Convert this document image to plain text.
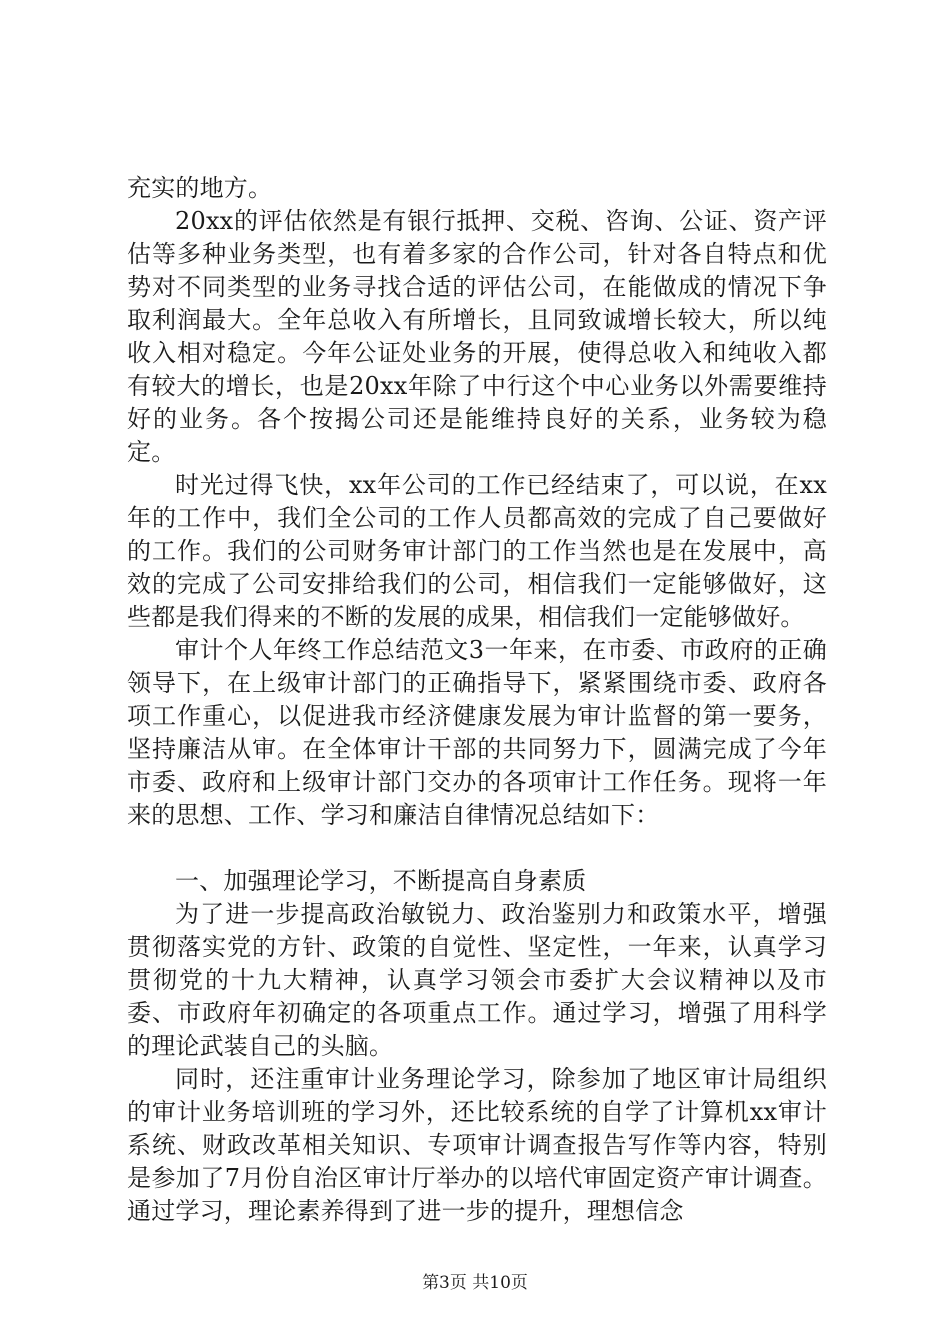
充实的地方。

20xx的评估依然是有银行抵押、交税、咨询、公证、资产评估等多种业务类型，也有着多家的合作公司，针对各自特点和优势对不同类型的业务寻找合适的评估公司，在能做成的情况下争取利润最大。全年总收入有所增长，且同致诚增长较大，所以纯收入相对稳定。今年公证处业务的开展，使得总收入和纯收入都有较大的增长，也是20xx年除了中行这个中心业务以外需要维持好的业务。各个按揭公司还是能维持良好的关系，业务较为稳定。

时光过得飞快，xx年公司的工作已经结束了，可以说，在xx年的工作中，我们全公司的工作人员都高效的完成了自己要做好的工作。我们的公司财务审计部门的工作当然也是在发展中，高效的完成了公司安排给我们的公司，相信我们一定能够做好，这些都是我们得来的不断的发展的成果，相信我们一定能够做好。

审计个人年终工作总结范文3一年来，在市委、市政府的正确领导下，在上级审计部门的正确指导下，紧紧围绕市委、政府各项工作重心，以促进我市经济健康发展为审计监督的第一要务，坚持廉洁从审。在全体审计干部的共同努力下，圆满完成了今年市委、政府和上级审计部门交办的各项审计工作任务。现将一年来的思想、工作、学习和廉洁自律情况总结如下：

一、加强理论学习，不断提高自身素质

为了进一步提高政治敏锐力、政治鉴别力和政策水平，增强贯彻落实党的方针、政策的自觉性、坚定性，一年来，认真学习贯彻党的十九大精神，认真学习领会市委扩大会议精神以及市委、市政府年初确定的各项重点工作。通过学习，增强了用科学的理论武装自己的头脑。

同时，还注重审计业务理论学习，除参加了地区审计局组织的审计业务培训班的学习外，还比较系统的自学了计算机xx审计系统、财政改革相关知识、专项审计调查报告写作等内容，特别是参加了7月份自治区审计厅举办的以培代审固定资产审计调查。通过学习，理论素养得到了进一步的提升，理想信念

第3页 共10页
